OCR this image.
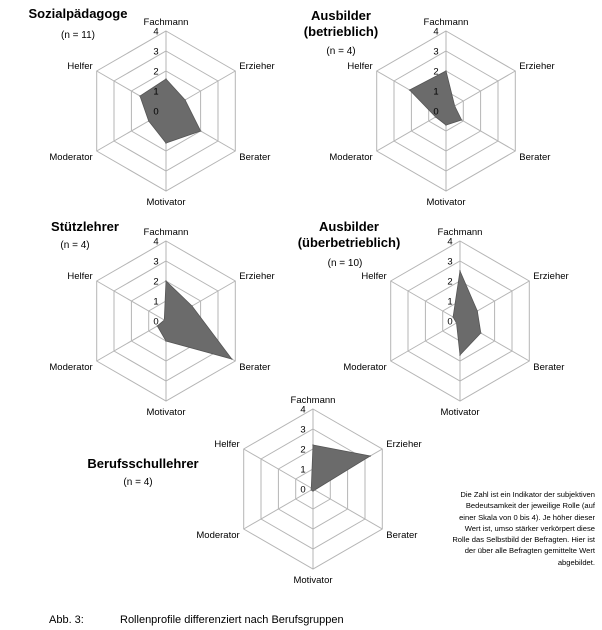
Sozialpädagoge
(n = 11)
0
1
2
3
4
Fachmann
Erzieher
Berater
Motivator
Moderator
Helfer
Ausbilder
(betrieblich)
(n = 4)
0
1
2
3
4
Fachmann
Erzieher
Berater
Motivator
Moderator
Helfer
Stützlehrer
(n = 4)
0
1
2
3
4
Fachmann
Erzieher
Berater
Motivator
Moderator
Helfer
Ausbilder
(überbetrieblich)
(n = 10)
0
1
2
3
4
Fachmann
Erzieher
Berater
Motivator
Moderator
Helfer
Berufsschullehrer
(n = 4)
0
1
2
3
4
Fachmann
Erzieher
Berater
Motivator
Moderator
Helfer
Die Zahl ist ein Indikator der subjektiven Bedeutsamkeit der jeweilige Rolle (auf einer Skala von 0 bis 4). Je höher dieser Wert ist, umso stärker verkörpert diese Rolle das Selbstbild der Befragten. Hier ist der über alle Befragten gemittelte Wert abgebildet.
Abb. 3:	Rollenprofile differenziert nach Berufsgruppen
